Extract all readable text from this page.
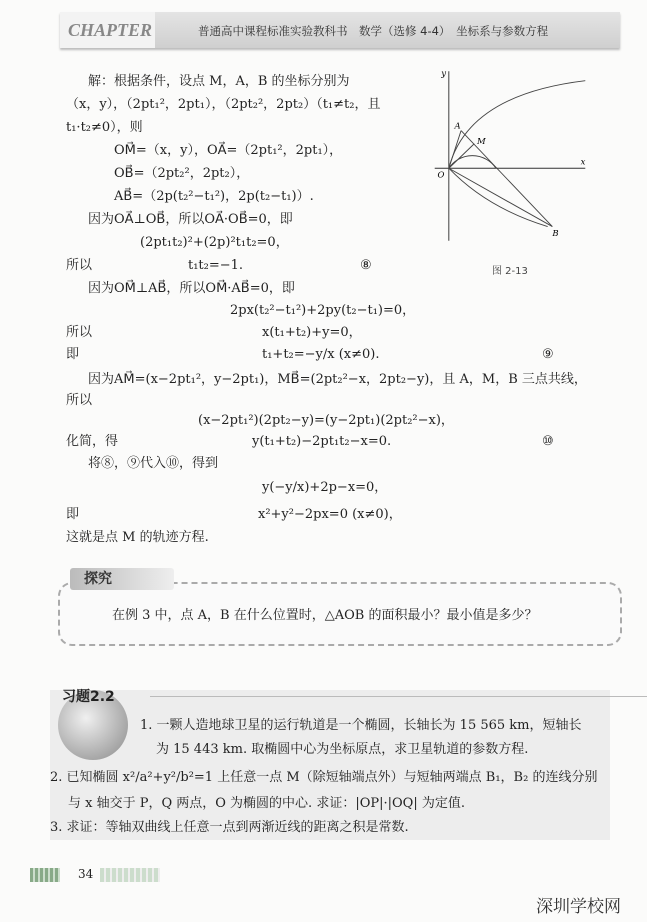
CHAPTER	普通高中课程标准实验教科书　数学（选修 4-4）　坐标系与参数方程
解：根据条件，设点 M，A，B 的坐标分别为
（x，y），（2pt₁²，2pt₁），（2pt₂²，2pt₂）（t₁≠t₂，且
t₁·t₂≠0），则
OM⃗=（x，y），OA⃗=（2pt₁²，2pt₁），
OB⃗=（2pt₂²，2pt₂），
AB⃗=（2p(t₂²−t₁²)，2p(t₂−t₁)）.
因为OA⃗⊥OB⃗，所以OA⃗·OB⃗=0，即
(2pt₁t₂)²+(2p)²t₁t₂=0，
所以	t₁t₂=−1.	⑧
因为OM⃗⊥AB⃗，所以OM⃗·AB⃗=0，即
2px(t₂²−t₁²)+2py(t₂−t₁)=0，
所以	x(t₁+t₂)+y=0，
即	t₁+t₂=−y/x (x≠0).	⑨
因为AM⃗=(x−2pt₁²，y−2pt₁)，MB⃗=(2pt₂²−x，2pt₂−y)，且 A，M，B 三点共线，
所以
(x−2pt₁²)(2pt₂−y)=(y−2pt₁)(2pt₂²−x)，
化简，得	y(t₁+t₂)−2pt₁t₂−x=0.	⑩
将⑧，⑨代入⑩，得到
y(−y/x)+2p−x=0，
即	x²+y²−2px=0 (x≠0)，
这就是点 M 的轨迹方程.
y
x
O
A
M
B
图 2-13
在例 3 中，点 A，B 在什么位置时，△AOB 的面积最小？最小值是多少？
探究
习题2.2
1. 一颗人造地球卫星的运行轨道是一个椭圆，长轴长为 15 565 km，短轴长
为 15 443 km. 取椭圆中心为坐标原点，求卫星轨道的参数方程.
2. 已知椭圆 x²/a²+y²/b²=1 上任意一点 M（除短轴端点外）与短轴两端点 B₁，B₂ 的连线分别
与 x 轴交于 P，Q 两点，O 为椭圆的中心. 求证：|OP|·|OQ| 为定值.
3. 求证：等轴双曲线上任意一点到两渐近线的距离之积是常数.
34
深圳学校网
